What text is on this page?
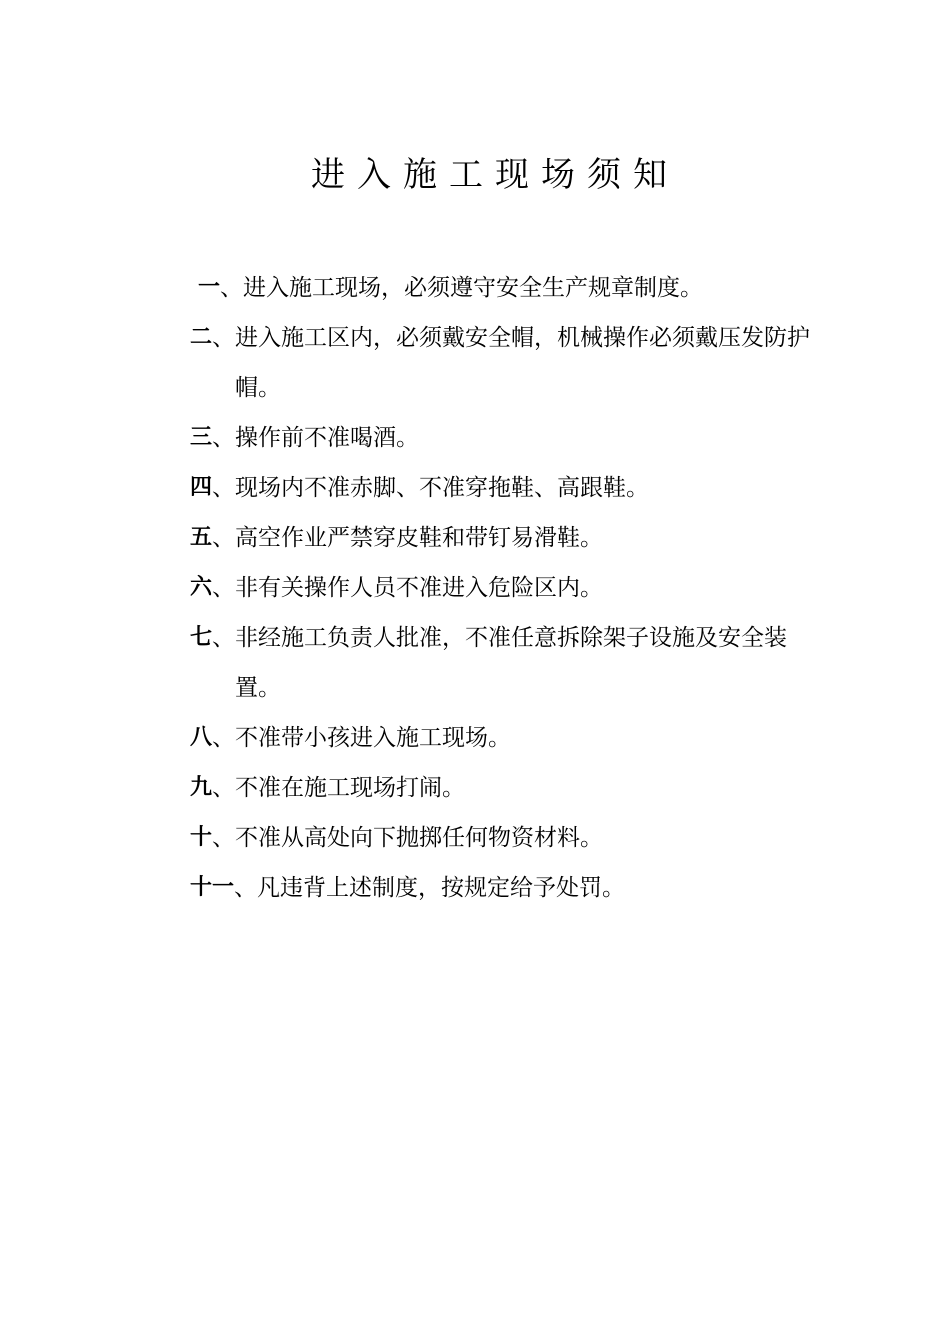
进入施工现场须知
一 、 进入施工现场，必须遵守安全生产规章制度。
二 、 进入施工区内，必须戴安全帽，机械操作必须戴压发防护帽。
三 、 操作前不准喝酒。
四 、 现场内不准赤脚、不准穿拖鞋、高跟鞋。
五 、 高空作业严禁穿皮鞋和带钉易滑鞋。
六 、 非有关操作人员不准进入危险区内。
七 、 非经施工负责人批准，不准任意拆除架子设施及安全装置。
八 、 不准带小孩进入施工现场。
九 、 不准在施工现场打闹。
十 、 不准从高处向下抛掷任何物资材料。
十一 、 凡违背上述制度，按规定给予处罚。
